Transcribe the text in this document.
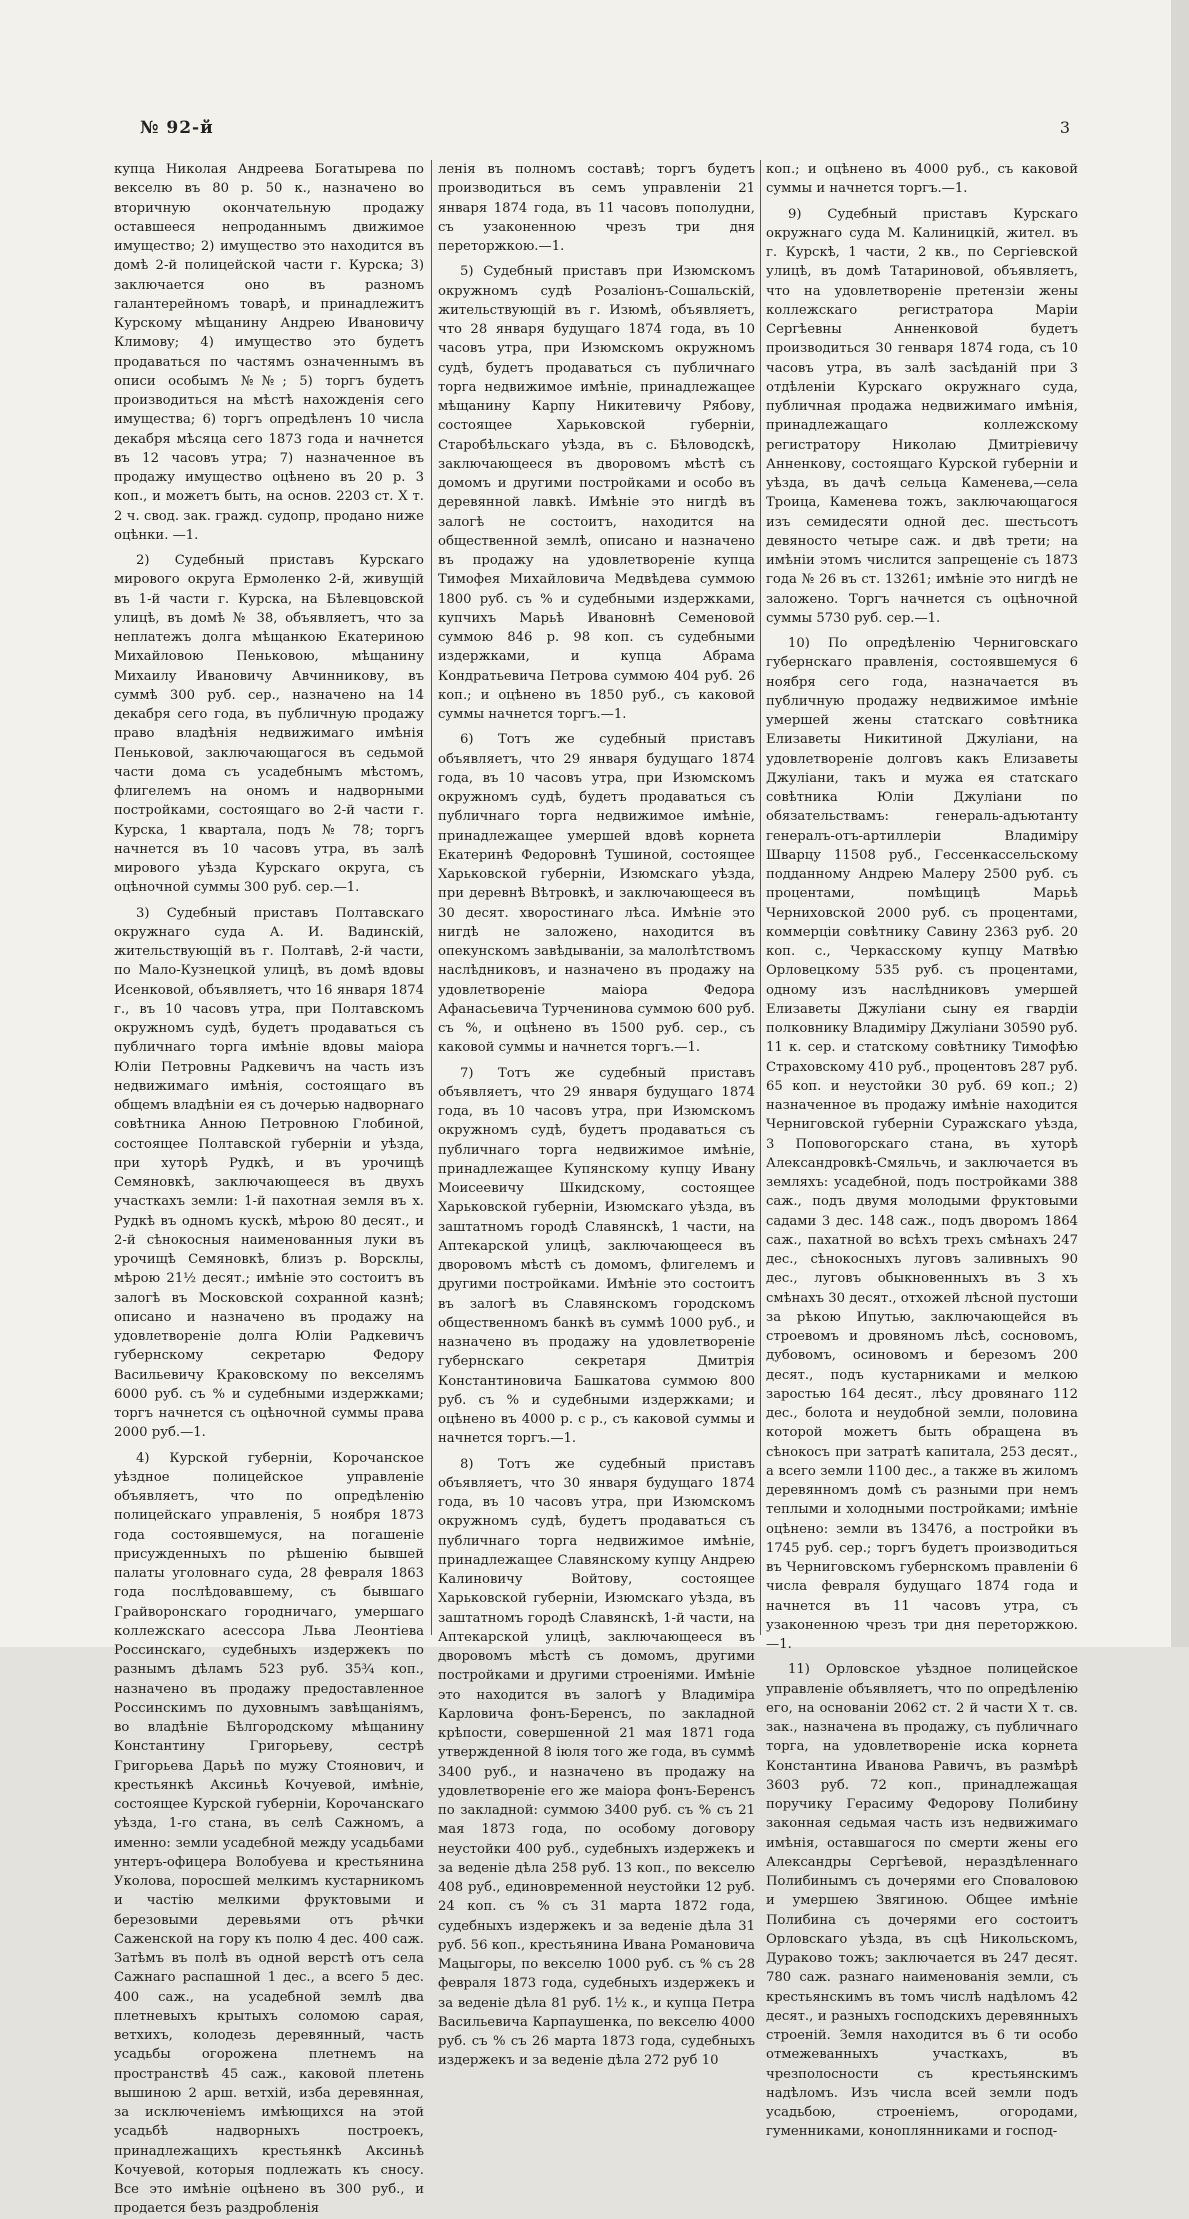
№ 92-й	3

купца Николая Андреева Богатырева по векселю въ 80 р. 50 к., назначено во вторичную окончательную продажу оставшееся непроданнымъ движимое имущество; 2) имущество это находится въ домѣ 2-й полицейской части г. Курска; 3) заключается оно въ разномъ галантерейномъ товарѣ, и принадлежитъ Курскому мѣщанину Андрею Ивановичу Климову; 4) имущество это будетъ продаваться по частямъ означеннымъ въ описи особымъ №№; 5) торгъ будетъ производиться на мѣстѣ нахожденія сего имущества; 6) торгъ опредѣленъ 10 числа декабря мѣсяца сего 1873 года и начнется въ 12 часовъ утра; 7) назначенное въ продажу имущество оцѣнено въ 20 р. 3 коп., и можетъ быть, на основ. 2203 ст. Х т. 2 ч. свод. зак. гражд. судопр, продано ниже оцѣнки. —1.

2) Судебный приставъ Курскаго мирового округа Ермоленко 2-й, живущій въ 1-й части г. Курска, на Бѣлевцовской улицѣ, въ домѣ № 38, объявляетъ, что за неплатежъ долга мѣщанкою Екатериною Михайловою Пеньковою, мѣщанину Михаилу Ивановичу Авчинникову, въ суммѣ 300 руб. сер., назначено на 14 декабря сего года, въ публичную продажу право владѣнія недвижимаго имѣнія Пеньковой, заключающагося въ седьмой части дома съ усадебнымъ мѣстомъ, флигелемъ на ономъ и надворными постройками, состоящаго во 2-й части г. Курска, 1 квартала, подъ № 78; торгъ начнется въ 10 часовъ утра, въ залѣ мирового уѣзда Курскаго округа, съ оцѣночной суммы 300 руб. сер.—1.

3) Судебный приставъ Полтавскаго окружнаго суда А. И. Вадинскій, жительствующій въ г. Полтавѣ, 2-й части, по Мало-Кузнецкой улицѣ, въ домѣ вдовы Исенковой, объявляетъ, что 16 января 1874 г., въ 10 часовъ утра, при Полтавскомъ окружномъ судѣ, будетъ продаваться съ публичнаго торга имѣніе вдовы маіора Юліи Петровны Радкевичъ на часть изъ недвижимаго имѣнія, состоящаго въ общемъ владѣніи ея съ дочерью надворнаго совѣтника Анною Петровною Глобиной, состоящее Полтавской губерніи и уѣзда, при хуторѣ Рудкѣ, и въ урочищѣ Семяновкѣ, заключающееся въ двухъ участкахъ земли: 1-й пахотная земля въ х. Рудкѣ въ одномъ кускѣ, мѣрою 80 десят., и 2-й сѣнокосныя наименованныя луки въ урочищѣ Семяновкѣ, близъ р. Ворсклы, мѣрою 21½ десят.; имѣніе это состоитъ въ залогѣ въ Московской сохранной казнѣ; описано и назначено въ продажу на удовлетвореніе долга Юліи Радкевичъ губернскому секретарю Федору Васильевичу Краковскому по векселямъ 6000 руб. съ % и судебными издержками; торгъ начнется съ оцѣночной суммы права 2000 руб.—1.

4) Курской губерніи, Корочанское уѣздное полицейское управленіе объявляетъ, что по опредѣленію полицейскаго управленія, 5 ноября 1873 года состоявшемуся, на погашеніе присужденныхъ по рѣшенію бывшей палаты уголовнаго суда, 28 февраля 1863 года послѣдовавшему, съ бывшаго Грайворонскаго городничаго, умершаго коллежскаго асессора Льва Леонтіева Россинскаго, судебныхъ издержекъ по разнымъ дѣламъ 523 руб. 35¾ коп., назначено въ продажу предоставленное Россинскимъ по духовнымъ завѣщаніямъ, во владѣніе Бѣлгородскому мѣщанину Константину Григорьеву, сестрѣ Григорьева Дарьѣ по мужу Стоянович, и крестьянкѣ Аксиньѣ Кочуевой, имѣніе, состоящее Курской губерніи, Корочанскаго уѣзда, 1-го стана, въ селѣ Сажномъ, а именно: земли усадебной между усадьбами унтеръ-офицера Волобуева и крестьянина Уколова, поросшей мелкимъ кустарникомъ и частію мелкими фруктовыми и березовыми деревьями отъ рѣчки Саженской на гору къ полю 4 дес. 400 саж. Затѣмъ въ полѣ въ одной верстѣ отъ села Сажнаго распашной 1 дес., а всего 5 дес. 400 саж., на усадебной землѣ два плетневыхъ крытыхъ соломою сарая, ветхихъ, колодезь деревянный, часть усадьбы огорожена плетнемъ на пространствѣ 45 саж., каковой плетень вышиною 2 арш. ветхій, изба деревянная, за исключеніемъ имѣющихся на этой усадьбѣ надворныхъ построекъ, принадлежащихъ крестьянкѣ Аксиньѣ Кочуевой, которыя подлежать къ сносу. Все это имѣніе оцѣнено въ 300 руб., и продается безъ раздробленія

ленія въ полномъ составѣ; торгъ будетъ производиться въ семъ управленіи 21 января 1874 года, въ 11 часовъ пополудни, съ узаконенною чрезъ три дня переторжкою.—1.

5) Судебный приставъ при Изюмскомъ окружномъ судѣ Розаліонъ-Сошальскій, жительствующій въ г. Изюмѣ, объявляетъ, что 28 января будущаго 1874 года, въ 10 часовъ утра, при Изюмскомъ окружномъ судѣ, будетъ продаваться съ публичнаго торга недвижимое имѣніе, принадлежащее мѣщанину Карпу Никитевичу Рябову, состоящее Харьковской губерніи, Старобѣльскаго уѣзда, въ с. Бѣловодскѣ, заключающееся въ дворовомъ мѣстѣ съ домомъ и другими постройками и особо въ деревянной лавкѣ. Имѣніе это нигдѣ въ залогѣ не состоитъ, находится на общественной землѣ, описано и назначено въ продажу на удовлетвореніе купца Тимофея Михайловича Медвѣдева суммою 1800 руб. съ % и судебными издержками, купчихъ Марьѣ Ивановнѣ Семеновой суммою 846 р. 98 коп. съ судебными издержками, и купца Абрама Кондратьевича Петрова суммою 404 руб. 26 коп.; и оцѣнено въ 1850 руб., съ каковой суммы начнется торгъ.—1.

6) Тотъ же судебный приставъ объявляетъ, что 29 января будущаго 1874 года, въ 10 часовъ утра, при Изюмскомъ окружномъ судѣ, будетъ продаваться съ публичнаго торга недвижимое имѣніе, принадлежащее умершей вдовѣ корнета Екатеринѣ Федоровнѣ Тушиной, состоящее Харьковской губерніи, Изюмскаго уѣзда, при деревнѣ Вѣтровкѣ, и заключающееся въ 30 десят. хворостинаго лѣса. Имѣніе это нигдѣ не заложено, находится въ опекунскомъ завѣдываніи, за малолѣтствомъ наслѣдниковъ, и назначено въ продажу на удовлетвореніе маіора Федора Афанасьевича Турченинова суммою 600 руб. съ %, и оцѣнено въ 1500 руб. сер., съ каковой суммы и начнется торгъ.—1.

7) Тотъ же судебный приставъ объявляетъ, что 29 января будущаго 1874 года, въ 10 часовъ утра, при Изюмскомъ окружномъ судѣ, будетъ продаваться съ публичнаго торга недвижимое имѣніе, принадлежащее Купянскому купцу Ивану Моисеевичу Шкидскому, состоящее Харьковской губерніи, Изюмскаго уѣзда, въ заштатномъ городѣ Славянскѣ, 1 части, на Аптекарской улицѣ, заключающееся въ дворовомъ мѣстѣ съ домомъ, флигелемъ и другими постройками. Имѣніе это состоитъ въ залогѣ въ Славянскомъ городскомъ общественномъ банкѣ въ суммѣ 1000 руб., и назначено въ продажу на удовлетвореніе губернскаго секретаря Дмитрія Константиновича Башкатова суммою 800 руб. съ % и судебными издержками; и оцѣнено въ 4000 р. с р., съ каковой суммы и начнется торгъ.—1.

8) Тотъ же судебный приставъ объявляетъ, что 30 января будущаго 1874 года, въ 10 часовъ утра, при Изюмскомъ окружномъ судѣ, будетъ продаваться съ публичнаго торга недвижимое имѣніе, принадлежащее Славянскому купцу Андрею Калиновичу Войтову, состоящее Харьковской губерніи, Изюмскаго уѣзда, въ заштатномъ городѣ Славянскѣ, 1-й части, на Аптекарской улицѣ, заключающееся въ дворовомъ мѣстѣ съ домомъ, другими постройками и другими строеніями. Имѣніе это находится въ залогѣ у Владиміра Карловича фонъ-Беренсъ, по закладной крѣпости, совершенной 21 мая 1871 года утвержденной 8 іюля того же года, въ суммѣ 3400 руб., и назначено въ продажу на удовлетвореніе его же маіора фонъ-Беренсъ по закладной: суммою 3400 руб. съ % съ 21 мая 1873 года, по особому договору неустойки 400 руб., судебныхъ издержекъ и за веденіе дѣла 258 руб. 13 коп., по векселю 408 руб., единовременной неустойки 12 руб. 24 коп. съ % съ 31 марта 1872 года, судебныхъ издержекъ и за веденіе дѣла 31 руб. 56 коп., крестьянина Ивана Романовича Мацыгоры, по векселю 1000 руб. съ % съ 28 февраля 1873 года, судебныхъ издержекъ и за веденіе дѣла 81 руб. 1½ к., и купца Петра Васильевича Карпаушенка, по векселю 4000 руб. съ % съ 26 марта 1873 года, судебныхъ издержекъ и за веденіе дѣла 272 руб 10

коп.; и оцѣнено въ 4000 руб., съ каковой суммы и начнется торгъ.—1.

9) Судебный приставъ Курскаго окружнаго суда М. Калиницкій, жител. въ г. Курскѣ, 1 части, 2 кв., по Сергіевской улицѣ, въ домѣ Татариновой, объявляетъ, что на удовлетвореніе претензіи жены коллежскаго регистратора Маріи Сергѣевны Анненковой будетъ производиться 30 генваря 1874 года, съ 10 часовъ утра, въ залѣ засѣданій при 3 отдѣленіи Курскаго окружнаго суда, публичная продажа недвижимаго имѣнія, принадлежащаго коллежскому регистратору Николаю Дмитріевичу Анненкову, состоящаго Курской губерніи и уѣзда, въ дачѣ сельца Каменева,—села Троица, Каменева тожъ, заключающагося изъ семидесяти одной дес. шестьсотъ девяносто четыре саж. и двѣ трети; на имѣніи этомъ числится запрещеніе съ 1873 года № 26 въ ст. 13261; имѣніе это нигдѣ не заложено. Торгъ начнется съ оцѣночной суммы 5730 руб. сер.—1.

10) По опредѣленію Черниговскаго губернскаго правленія, состоявшемуся 6 ноября сего года, назначается въ публичную продажу недвижимое имѣніе умершей жены статскаго совѣтника Елизаветы Никитиной Джуліани, на удовлетвореніе долговъ какъ Елизаветы Джуліани, такъ и мужа ея статскаго совѣтника Юліи Джуліани по обязательствамъ: генераль-адъютанту генералъ-отъ-артиллеріи Владиміру Шварцу 11508 руб., Гессенкассельскому подданному Андрею Малеру 2500 руб. съ процентами, помѣщицѣ Марьѣ Черниховской 2000 руб. съ процентами, коммерціи совѣтнику Савину 2363 руб. 20 коп. с., Черкасскому купцу Матвѣю Орловецкому 535 руб. съ процентами, одному изъ наслѣдниковъ умершей Елизаветы Джуліани сыну ея гвардіи полковнику Владиміру Джуліани 30590 руб. 11 к. сер. и статскому совѣтнику Тимофѣю Страховскому 410 руб., процентовъ 287 руб. 65 коп. и неустойки 30 руб. 69 коп.; 2) назначенное въ продажу имѣніе находится Черниговской губерніи Суражскаго уѣзда, 3 Поповогорскаго стана, въ хуторѣ Александровкѣ-Смяльчь, и заключается въ земляхъ: усадебной, подъ постройками 388 саж., подъ двумя молодыми фруктовыми садами 3 дес. 148 саж., подъ дворомъ 1864 саж., пахатной во всѣхъ трехъ смѣнахъ 247 дес., сѣнокосныхъ луговъ заливныхъ 90 дес., луговъ обыкновенныхъ въ 3 хъ смѣнахъ 30 десят., отхожей лѣсной пустоши за рѣкою Ипутью, заключающейся въ строевомъ и дровяномъ лѣсѣ, сосновомъ, дубовомъ, осиновомъ и березомъ 200 десят., подъ кустарниками и мелкою заростью 164 десят., лѣсу дровянаго 112 дес., болота и неудобной земли, половина которой можетъ быть обращена въ сѣнокосъ при затратѣ капитала, 253 десят., а всего земли 1100 дес., а также въ жиломъ деревянномъ домѣ съ разными при немъ теплыми и холодными постройками; имѣніе оцѣнено: земли въ 13476, а постройки въ 1745 руб. сер.; торгъ будетъ производиться въ Черниговскомъ губернскомъ правленіи 6 числа февраля будущаго 1874 года и начнется въ 11 часовъ утра, съ узаконенною чрезъ три дня переторжкою.—1.

11) Орловское уѣздное полицейское управленіе объявляетъ, что по опредѣленію его, на основаніи 2062 ст. 2 й части Х т. св. зак., назначена въ продажу, съ публичнаго торга, на удовлетвореніе иска корнета Константина Иванова Равичъ, въ размѣрѣ 3603 руб. 72 коп., принадлежащая поручику Герасиму Федорову Полибину законная седьмая часть изъ недвижимаго имѣнія, оставшагося по смерти жены его Александры Сергѣевой, нераздѣленнаго Полибинымъ съ дочерями его Споваловою и умершею Звягиною. Общее имѣніе Полибина съ дочерями его состоитъ Орловскаго уѣзда, въ сцѣ Никольскомъ, Дураково тожъ; заключается въ 247 десят. 780 саж. разнаго наименованія земли, съ крестьянскимъ въ томъ числѣ надѣломъ 42 десят., и разныхъ господскихъ деревянныхъ строеній. Земля находится въ 6 ти особо отмежеванныхъ участкахъ, въ чрезполосности съ крестьянскимъ надѣломъ. Изъ числа всей земли подъ усадьбою, строеніемъ, огородами, гуменниками, коноплянниками и господ-
